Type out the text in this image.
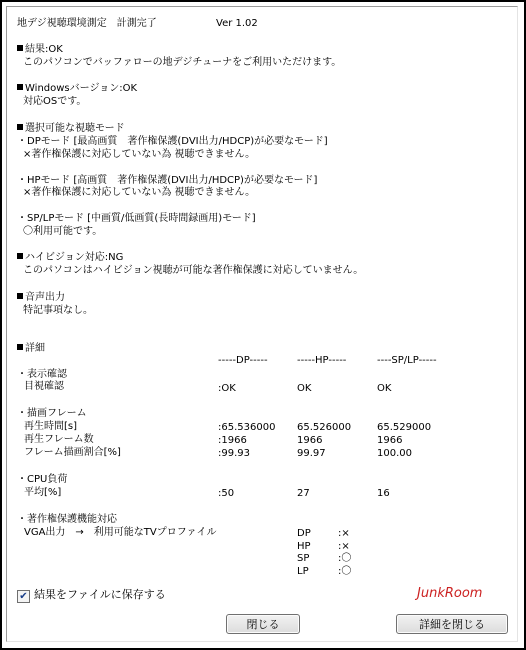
地デジ視聴環境測定　計測完了	Ver 1.02
結果:OK
このパソコンでバッファローの地デジチューナをご利用いただけます。
Windowsバージョン:OK
対応OSです。
選択可能な視聴モード
・DPモード [最高画質　著作権保護(DVI出力/HDCP)が必要なモード]
×著作権保護に対応していない為 視聴できません。
・HPモード [高画質　著作権保護(DVI出力/HDCP)が必要なモード]
×著作権保護に対応していない為 視聴できません。
・SP/LPモード [中画質/低画質(長時間録画用)モード]
〇利用可能です。
ハイビジョン対応:NG
このパソコンはハイビジョン視聴が可能な著作権保護に対応していません。
音声出力
特記事項なし。
詳細
-----DP-----	-----HP-----	----SP/LP-----
・表示確認
目視確認	:OK	OK	OK
・描画フレーム
再生時間[s]	:65.536000 65.526000	65.529000
再生フレーム数	:1966	1966	1966
フレーム描画割合[%]	:99.93	99.97	100.00
・CPU負荷
平均[%]	:50	27	16
・著作権保護機能対応
VGA出力　→　利用可能なTVプロファイル	DP	:×
HP	:×
SP	:〇
LP	:〇
✔ 結果をファイルに保存する	JunkRoom
閉じる	詳細を閉じる
